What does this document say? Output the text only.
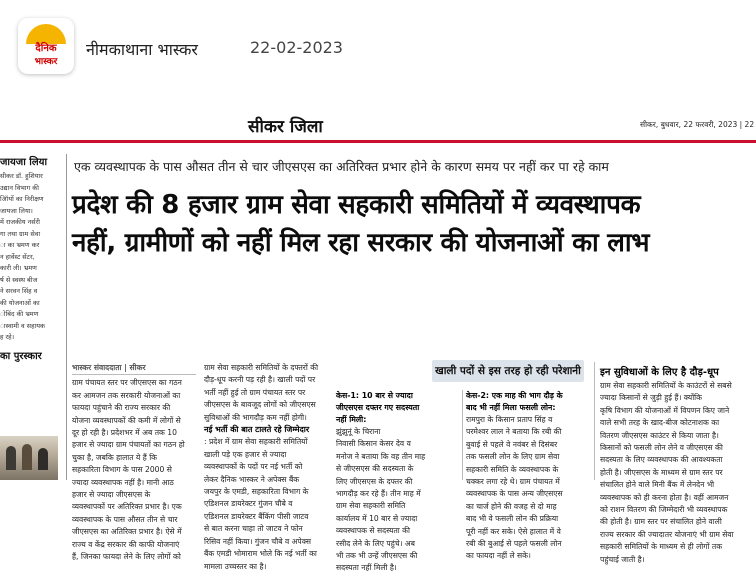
दैनिक
भास्कर
नीमकाथाना भास्कर	22-02-2023
सीकर जिला	सीकर, बुधवार, 22 फरवरी, 2023 | 22
जायजा लिया
सीकर डॉ. हुशियार
उद्यान विभाग की
ऑियों का निरीक्षण
जायजा लिया।
में राजकीय नर्सरी
गा तथा ग्राम सेवा
ा का भ्रमण कर
न हार्वेस्ट सेंटर,
कारी ली। भ्रमण
र्ष से स्वस्थ बीज
ने सरवन सिंह व
की योजनाओं का
ोबिंद की भ्रमण
ास्वामी व सहायक
ह रहे।
का पुरस्कार
एक व्यवस्थापक के पास औसत तीन से चार जीएसएस का अतिरिक्त प्रभार होने के कारण समय पर नहीं कर पा रहे काम
प्रदेश की 8 हजार ग्राम सेवा सहकारी समितियों में व्यवस्थापक
नहीं, ग्रामीणों को नहीं मिल रहा सरकार की योजनाओं का लाभ
भास्कर संवाददाता | सीकर
ग्राम पंचायत स्तर पर जीएसएस का गठन
कर आमजन तक सरकारी योजनाओं का
फायदा पहुंचाने की राज्य सरकार की
योजना व्यवस्थापकों की कमी में लोगों से
दूर हो रही है। प्रदेशभर में अब तक 10
हजार से ज्यादा ग्राम पंचायतों का गठन हो
चुका है, जबकि हालात ये हैं कि
सहकारिता विभाग के पास 2000 से
ज्यादा व्यवस्थापक नहीं है। मानी आठ
हजार से ज्यादा जीएसएस के
व्यवस्थापकों पर अतिरिक्त प्रभार है। एक
व्यवस्थापक के पास औसत तीन से चार
जीएसएस का अतिरिक्त प्रभार है। ऐसे में
राज्य व केंद्र सरकार की काफी योजनाएं
हैं, जिनका फायदा लेने के लिए लोगों को
ग्राम सेवा सहकारी समितियों के दफ्तरों की
दौड़-धूप करनी पड़ रही है। खाली पदों पर
भर्ती नहीं हुई तो ग्राम पंचायत स्तर पर
जीएसएस के बावजूद लोगों को जीएसएस
सुविधाओं की भागदौड़ कम नहीं होगी।
नई भर्ती की बात टालते रहे जिम्मेदार
: प्रदेश में ग्राम सेवा सहकारी समितियों
खाली पड़े एक हजार से ज्यादा
व्यवस्थापकों के पदों पर नई भर्ती को
लेकर दैनिक भास्कर ने अपेक्स बैंक
जयपुर के एमडी, सहकारिता विभाग के
एडिशनल डायरेक्टर गुंजन चौबे व
एडिशनल डायरेक्टर बैंकिंग पीसी जाटव
से बात करना चाहा तो जाटव ने फोन
रिसिव नहीं किया। गुंजन चौबे व अपेक्स
बैंक एमडी भोमाराम भोले कि नई भर्ती का
मामला उच्चस्तर का है।
खाली पदों से इस तरह हो रही परेशानी
केस-1: 10 बार से ज्यादा
जीएसएस दफ्तर गए सदस्यता
नहीं मिली:
झुंझुनूं के चिराना
निवासी किसान केसर देव व
मनोज ने बताया कि वह तीन माह
से जीएसएस की सदस्यता के
लिए जीएसएस के दफ्तर की
भागदौड़ कर रहे हैं। तीन माह में
ग्राम सेवा सहकारी समिति
कार्यालय में 10 बार से ज्यादा
व्यवस्थापक से सदस्यता की
रसीद लेने के लिए पहुंचे। अब
भी तक भी उन्हें जीएसएस की
सदस्यता नहीं मिली है।
केस-2: एक माह की भाग दौड़ के
बाद भी नहीं मिला फसली लोन:
रामपुरा के किसान प्रताप सिंह व
परमेश्वर लाल ने बताया कि रबी की
बुवाई से पहले वे नवंबर से दिसंबर
तक फसली लोन के लिए ग्राम सेवा
सहकारी समिति के व्यवस्थापक के
चक्कर लगा रहे थे। ग्राम पंचायत में
व्यवस्थापक के पास अन्य जीएसएस
का चार्ज होने की वजह से दो माह
बाद भी वे फसली लोन की प्रक्रिया
पूरी नहीं कर सके। ऐसे हालात में वे
रबी की बुआई से पहले फसली लोन
का फायदा नहीं ले सके।
इन सुविधाओं के लिए है दौड़-धूप
ग्राम सेवा सहकारी समितियों के काउंटरों से सबसे
ज्यादा किसानों से जुड़ी हुई हैं। क्योंकि
कृषि विभाग की योजनाओं में विपणन किए जाने
वाले सभी तरह के खाद-बीज कोटनाशक का
वितरण जीएसएस काउंटर से किया जाता है।
किसानों को फसली लोन लेने व जीएसएस की
सदस्यता के लिए व्यवस्थापक की आवश्यकता
होती है। जीएसएस के माध्यम से ग्राम स्तर पर
संचालित होने वाले मिनी बैंक में लेनदेन भी
व्यवस्थापक को ही करना होता है। वहीं आमजन
को राशन वितरण की जिम्मेदारी भी व्यवस्थापक
की होती है। ग्राम स्तर पर संचालित होने वाली
राज्य सरकार की ज्यादातर योजनाएं भी ग्राम सेवा
सहकारी समितियों के माध्यम से ही लोगों तक
पहुंचाई जाती है।
